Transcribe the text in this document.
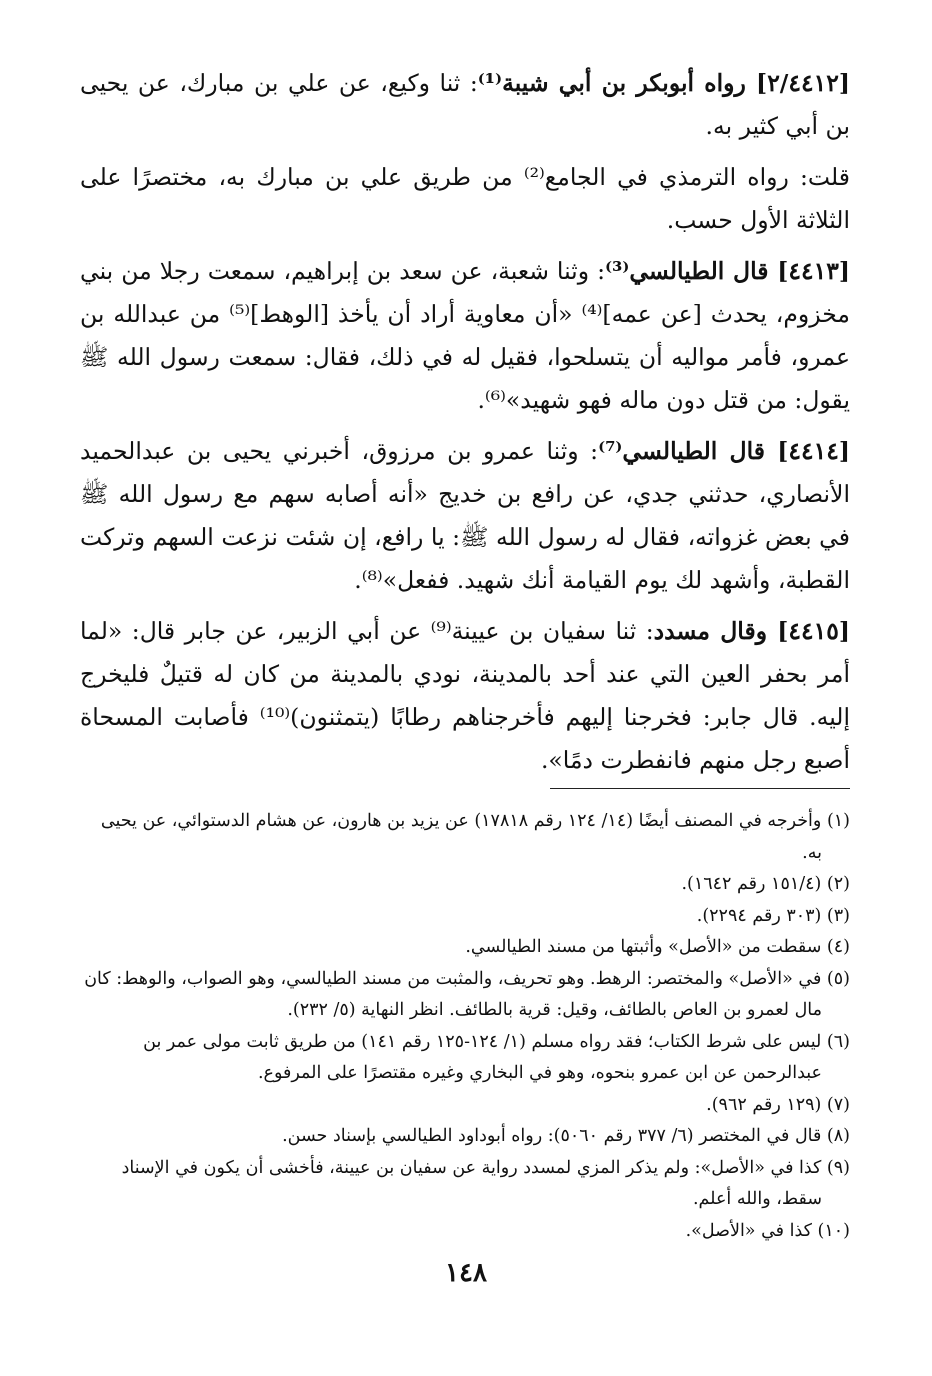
[٢/٤٤١٢] رواه أبوبكر بن أبي شيبة⁽¹⁾: ثنا وكيع، عن علي بن مبارك، عن يحيى بن أبي كثير به.

قلت: رواه الترمذي في الجامع⁽²⁾ من طريق علي بن مبارك به، مختصرًا على الثلاثة الأول حسب.

[٤٤١٣] قال الطيالسي⁽³⁾: وثنا شعبة، عن سعد بن إبراهيم، سمعت رجلا من بني مخزوم، يحدث [عن عمه]⁽⁴⁾ «أن معاوية أراد أن يأخذ [الوهط]⁽⁵⁾ من عبدالله بن عمرو، فأمر مواليه أن يتسلحوا، فقيل له في ذلك، فقال: سمعت رسول الله ﷺ يقول: من قتل دون ماله فهو شهيد»⁽⁶⁾.

[٤٤١٤] قال الطيالسي⁽⁷⁾: وثنا عمرو بن مرزوق، أخبرني يحيى بن عبدالحميد الأنصاري، حدثني جدي، عن رافع بن خديج «أنه أصابه سهم مع رسول الله ﷺ في بعض غزواته، فقال له رسول الله ﷺ: يا رافع، إن شئت نزعت السهم وتركت القطبة، وأشهد لك يوم القيامة أنك شهيد. ففعل»⁽⁸⁾.

[٤٤١٥] وقال مسدد: ثنا سفيان بن عيينة⁽⁹⁾ عن أبي الزبير، عن جابر قال: «لما أمر بحفر العين التي عند أحد بالمدينة، نودي بالمدينة من كان له قتيلٌ فليخرج إليه. قال جابر: فخرجنا إليهم فأخرجناهم رطابًا (يتمثنون)⁽¹⁰⁾ فأصابت المسحاة أصبع رجل منهم فانفطرت دمًا».

(١) وأخرجه في المصنف أيضًا (١٤/ ١٢٤ رقم ١٧٨١٨) عن يزيد بن هارون، عن هشام الدستوائي، عن يحيى به.

(٢) (١٥١/٤ رقم ١٦٤٢).

(٣) (٣٠٣ رقم ٢٢٩٤).

(٤) سقطت من «الأصل» وأثبتها من مسند الطيالسي.

(٥) في «الأصل» والمختصر: الرهط. وهو تحريف، والمثبت من مسند الطيالسي، وهو الصواب، والوهط: كان مال لعمرو بن العاص بالطائف، وقيل: قرية بالطائف. انظر النهاية (٥/ ٢٣٢).

(٦) ليس على شرط الكتاب؛ فقد رواه مسلم (١/ ١٢٤-١٢٥ رقم ١٤١) من طريق ثابت مولى عمر بن عبدالرحمن عن ابن عمرو بنحوه، وهو في البخاري وغيره مقتصرًا على المرفوع.

(٧) (١٢٩ رقم ٩٦٢).

(٨) قال في المختصر (٦/ ٣٧٧ رقم ٥٠٦٠): رواه أبوداود الطيالسي بإسناد حسن.

(٩) كذا في «الأصل»: ولم يذكر المزي لمسدد رواية عن سفيان بن عيينة، فأخشى أن يكون في الإسناد سقط، والله أعلم.

(١٠) كذا في «الأصل».

١٤٨
